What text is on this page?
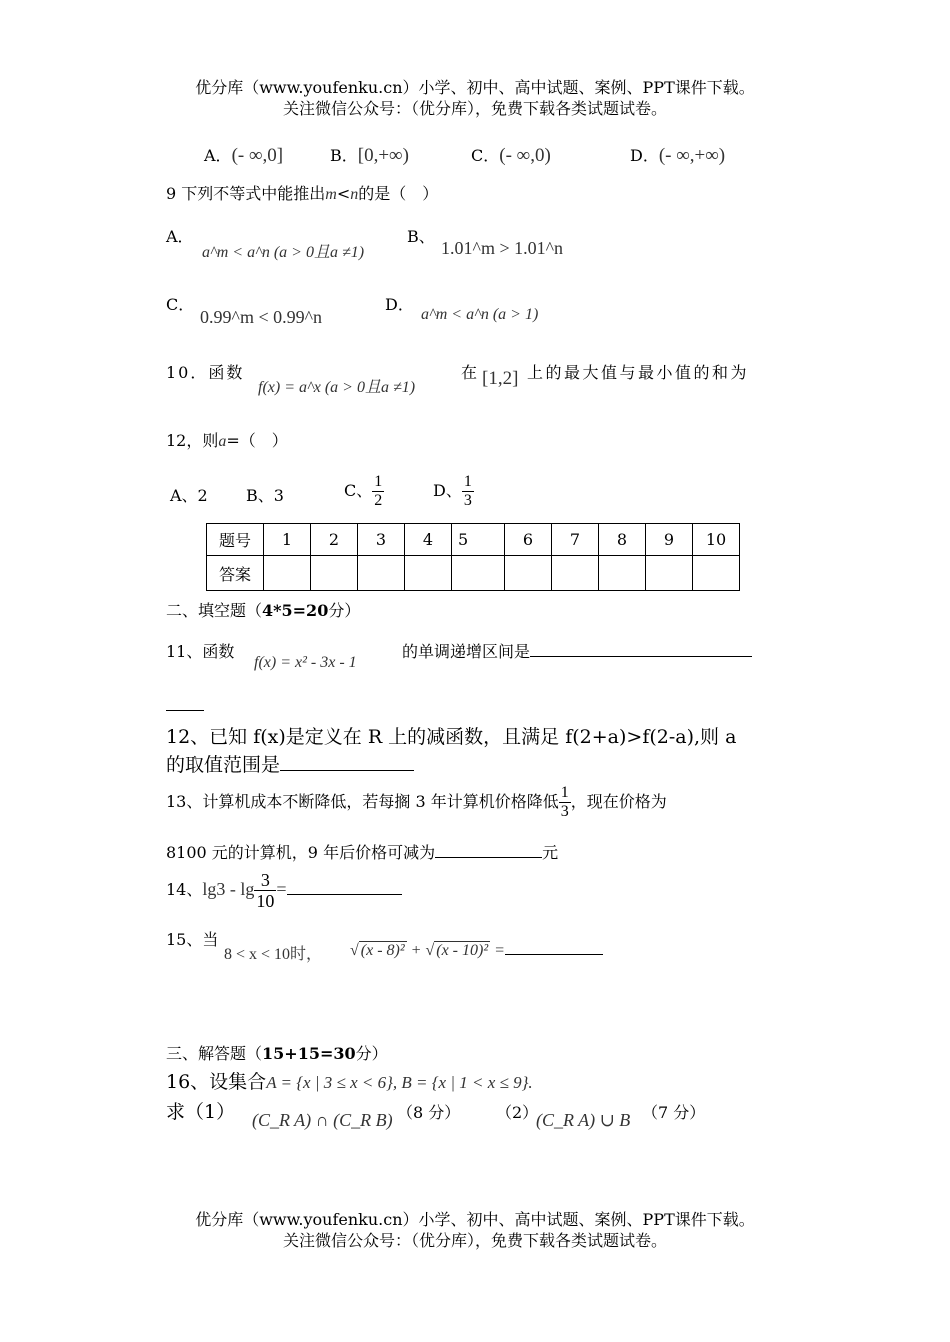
优分库（www.youfenku.cn）小学、初中、高中试题、案例、PPT课件下载。
关注微信公众号：（优分库），免费下载各类试题试卷。
A．(- ∞,0]	B．[0,+∞)	C．(- ∞,0)	D．(- ∞,+∞)
9 下列不等式中能推出m<n的是（　）
A．
a^m < a^n (a > 0且a ≠1)
B、
1.01^m > 1.01^n
C．
0.99^m < 0.99^n
D．
a^m < a^n (a > 1)
10．函数
f(x) = a^x (a > 0且a ≠1)
在 [1,2] 上的最大值与最小值的和为
12，则a=（　）
A、2 B、3	C、 $\frac{1}{2}$	D、 $\frac{1}{3}$
题号	1	2	3	4	5	6	7	8	9	10
答案										
二、填空题（4*5=20分）
11、函数
f(x) = x² - 3x - 1
的单调递增区间是
12、已知 f(x)是定义在 R 上的减函数，且满足 f(2+a)>f(2-a),则 a
的取值范围是
13、计算机成本不断降低，若每搁 3 年计算机价格降低 $\frac{1}{3}$ ，现在价格为
8100 元的计算机，9 年后价格可减为	元
14、$\lg 3 - \lg \frac{3}{10}$ =
15、当
8 < x < 10时， √ (x - 8)² + √ (x - 10)² =
三、解答题（15+15=30分）
16、设集合A = {x | 3 ≤ x < 6}, B = {x | 1 < x ≤ 9}.
求（1） (C_R A) ∩ (C_R B) （8 分） （2）
(C_R A) ∪ B （7 分）
优分库（www.youfenku.cn）小学、初中、高中试题、案例、PPT课件下载。
关注微信公众号：（优分库），免费下载各类试题试卷。
